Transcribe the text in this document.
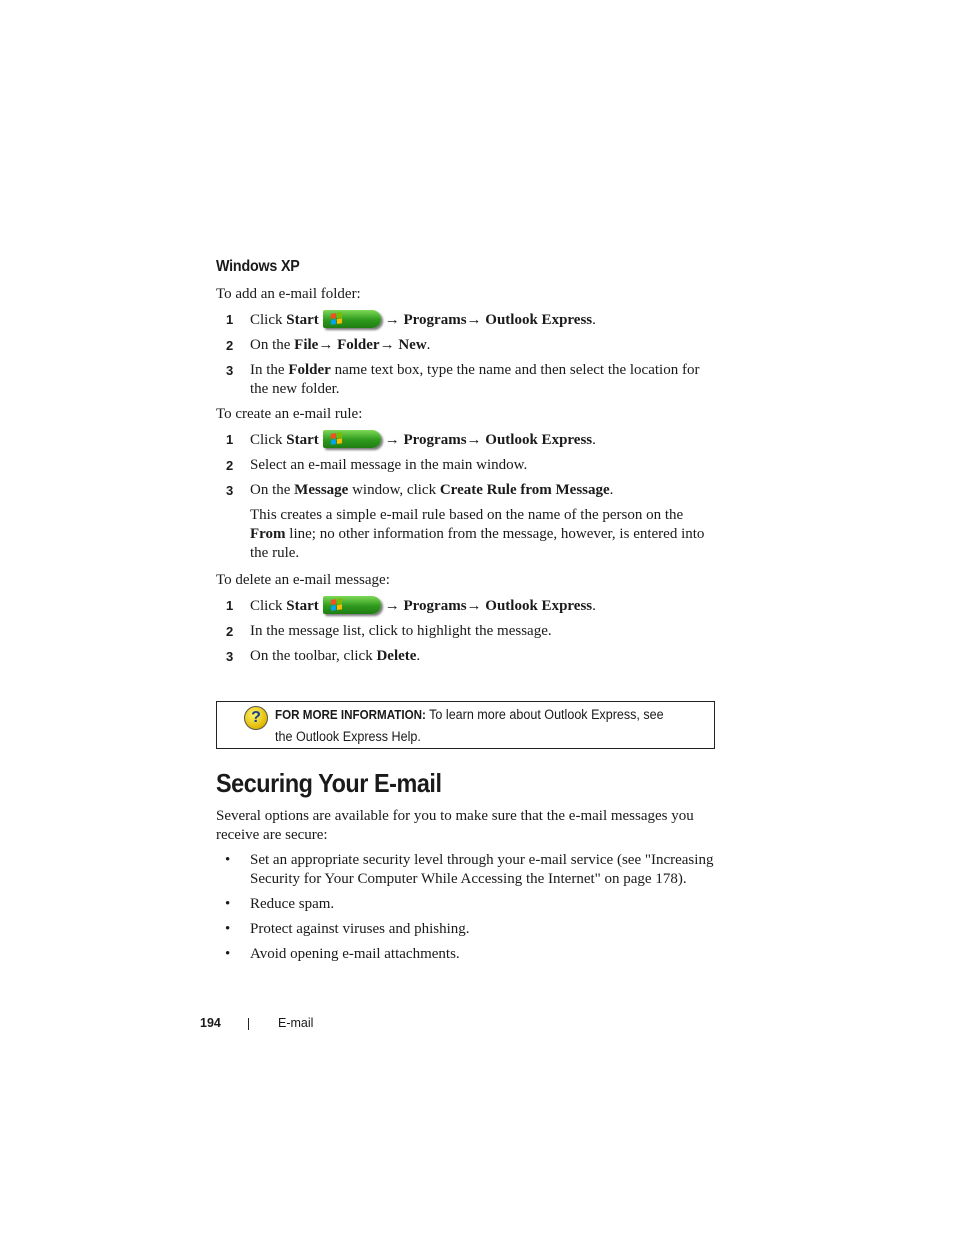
Windows XP

To add an e-mail folder:

1 Click Start	→ Programs→ Outlook Express.
2 On the File→ Folder→ New.
3 In the Folder name text box, type the name and then select the location for the new folder.

To create an e-mail rule:

1 Click Start	→ Programs→ Outlook Express.
2 Select an e-mail message in the main window.
3 On the Message window, click Create Rule from Message.
This creates a simple e-mail rule based on the name of the person on the From line; no other information from the message, however, is entered into the rule.

To delete an e-mail message:

1 Click Start	→ Programs→ Outlook Express.
2 In the message list, click to highlight the message.
3 On the toolbar, click Delete.
?	FOR MORE INFORMATION: To learn more about Outlook Express, see the Outlook Express Help.
Securing Your E-mail

Several options are available for you to make sure that the e-mail messages you receive are secure:

• Set an appropriate security level through your e-mail service (see "Increasing Security for Your Computer While Accessing the Internet" on page 178).
• Reduce spam.
• Protect against viruses and phishing.
• Avoid opening e-mail attachments.
194	E-mail
